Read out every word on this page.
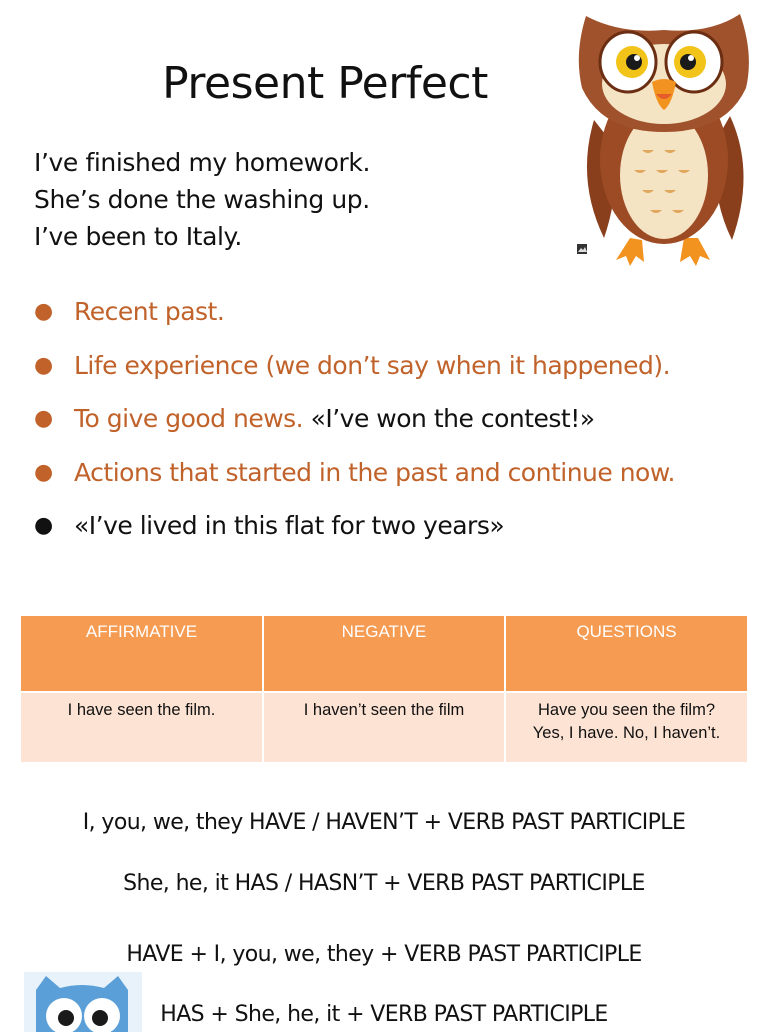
Present Perfect
I’ve finished my homework.
She’s done the washing up.
I’ve been to Italy.
● Recent past.
● Life experience (we don’t say when it happened).
● To give good news. «I’ve won the contest!»
● Actions that started in the past and continue now.
● «I’ve lived in this flat for two years»
AFFIRMATIVE	NEGATIVE	QUESTIONS
I have seen the film.	I haven’t seen the film	Have you seen the film?
Yes, I have. No, I haven’t.
I, you, we, they HAVE / HAVEN’T + VERB PAST PARTICIPLE
She, he, it HAS / HASN’T + VERB PAST PARTICIPLE
HAVE + I, you, we, they + VERB PAST PARTICIPLE
HAS + She, he, it + VERB PAST PARTICIPLE
